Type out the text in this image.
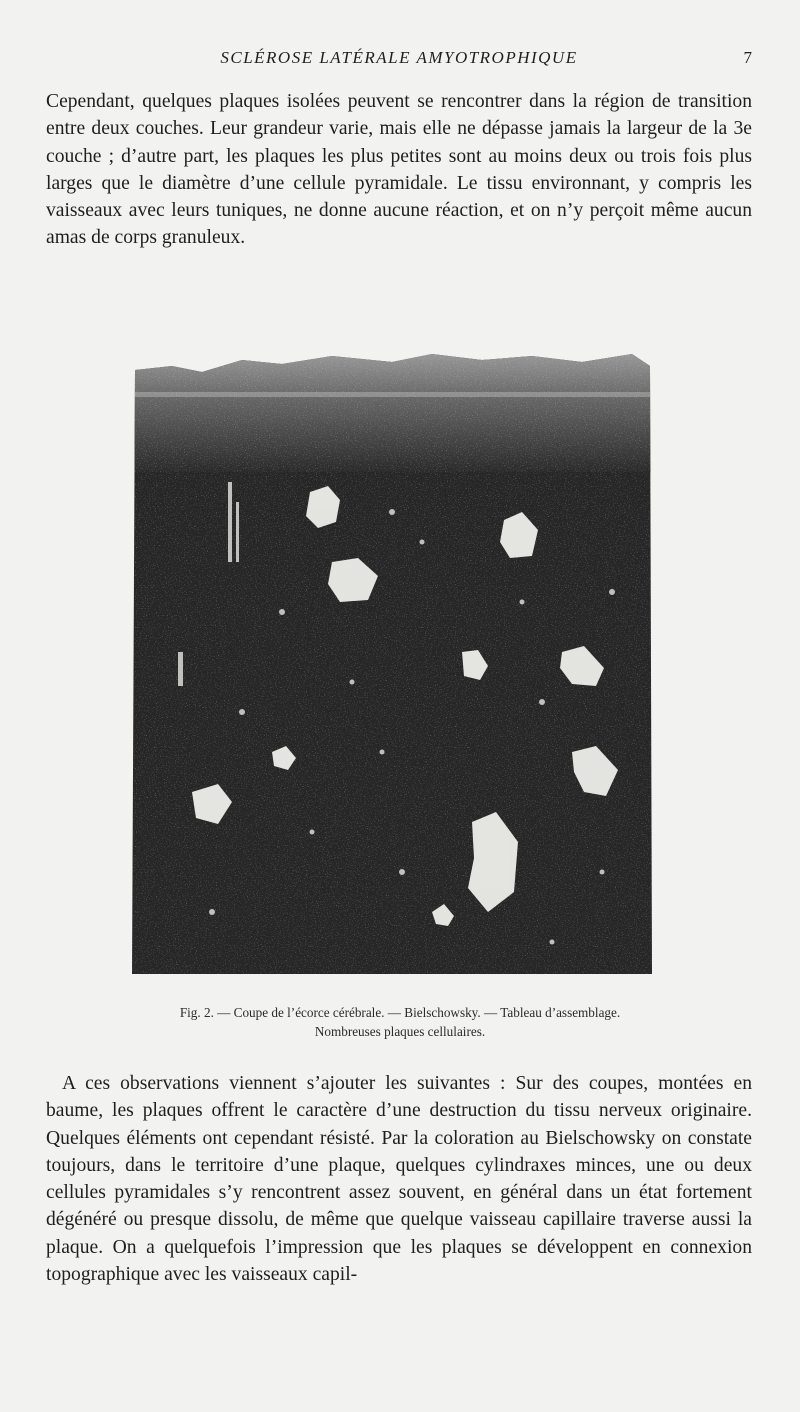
SCLÉROSE LATÉRALE AMYOTROPHIQUE	7

Cependant, quelques plaques isolées peuvent se rencontrer dans la région de transition entre deux couches. Leur grandeur varie, mais elle ne dépasse jamais la largeur de la 3e couche ; d’autre part, les plaques les plus petites sont au moins deux ou trois fois plus larges que le diamètre d’une cellule pyramidale. Le tissu environnant, y compris les vaisseaux avec leurs tuniques, ne donne aucune réaction, et on n’y perçoit même aucun amas de corps granuleux.

Fig. 2. — Coupe de l’écorce cérébrale. — Bielschowsky. — Tableau d’assemblage.
Nombreuses plaques cellulaires.

A ces observations viennent s’ajouter les suivantes : Sur des coupes, montées en baume, les plaques offrent le caractère d’une destruction du tissu nerveux originaire. Quelques éléments ont cependant résisté. Par la coloration au Bielschowsky on constate toujours, dans le territoire d’une plaque, quelques cylindraxes minces, une ou deux cellules pyramidales s’y rencontrent assez souvent, en général dans un état fortement dégénéré ou presque dissolu, de même que quelque vaisseau capillaire traverse aussi la plaque. On a quelquefois l’impression que les plaques se développent en connexion topographique avec les vaisseaux capil-
